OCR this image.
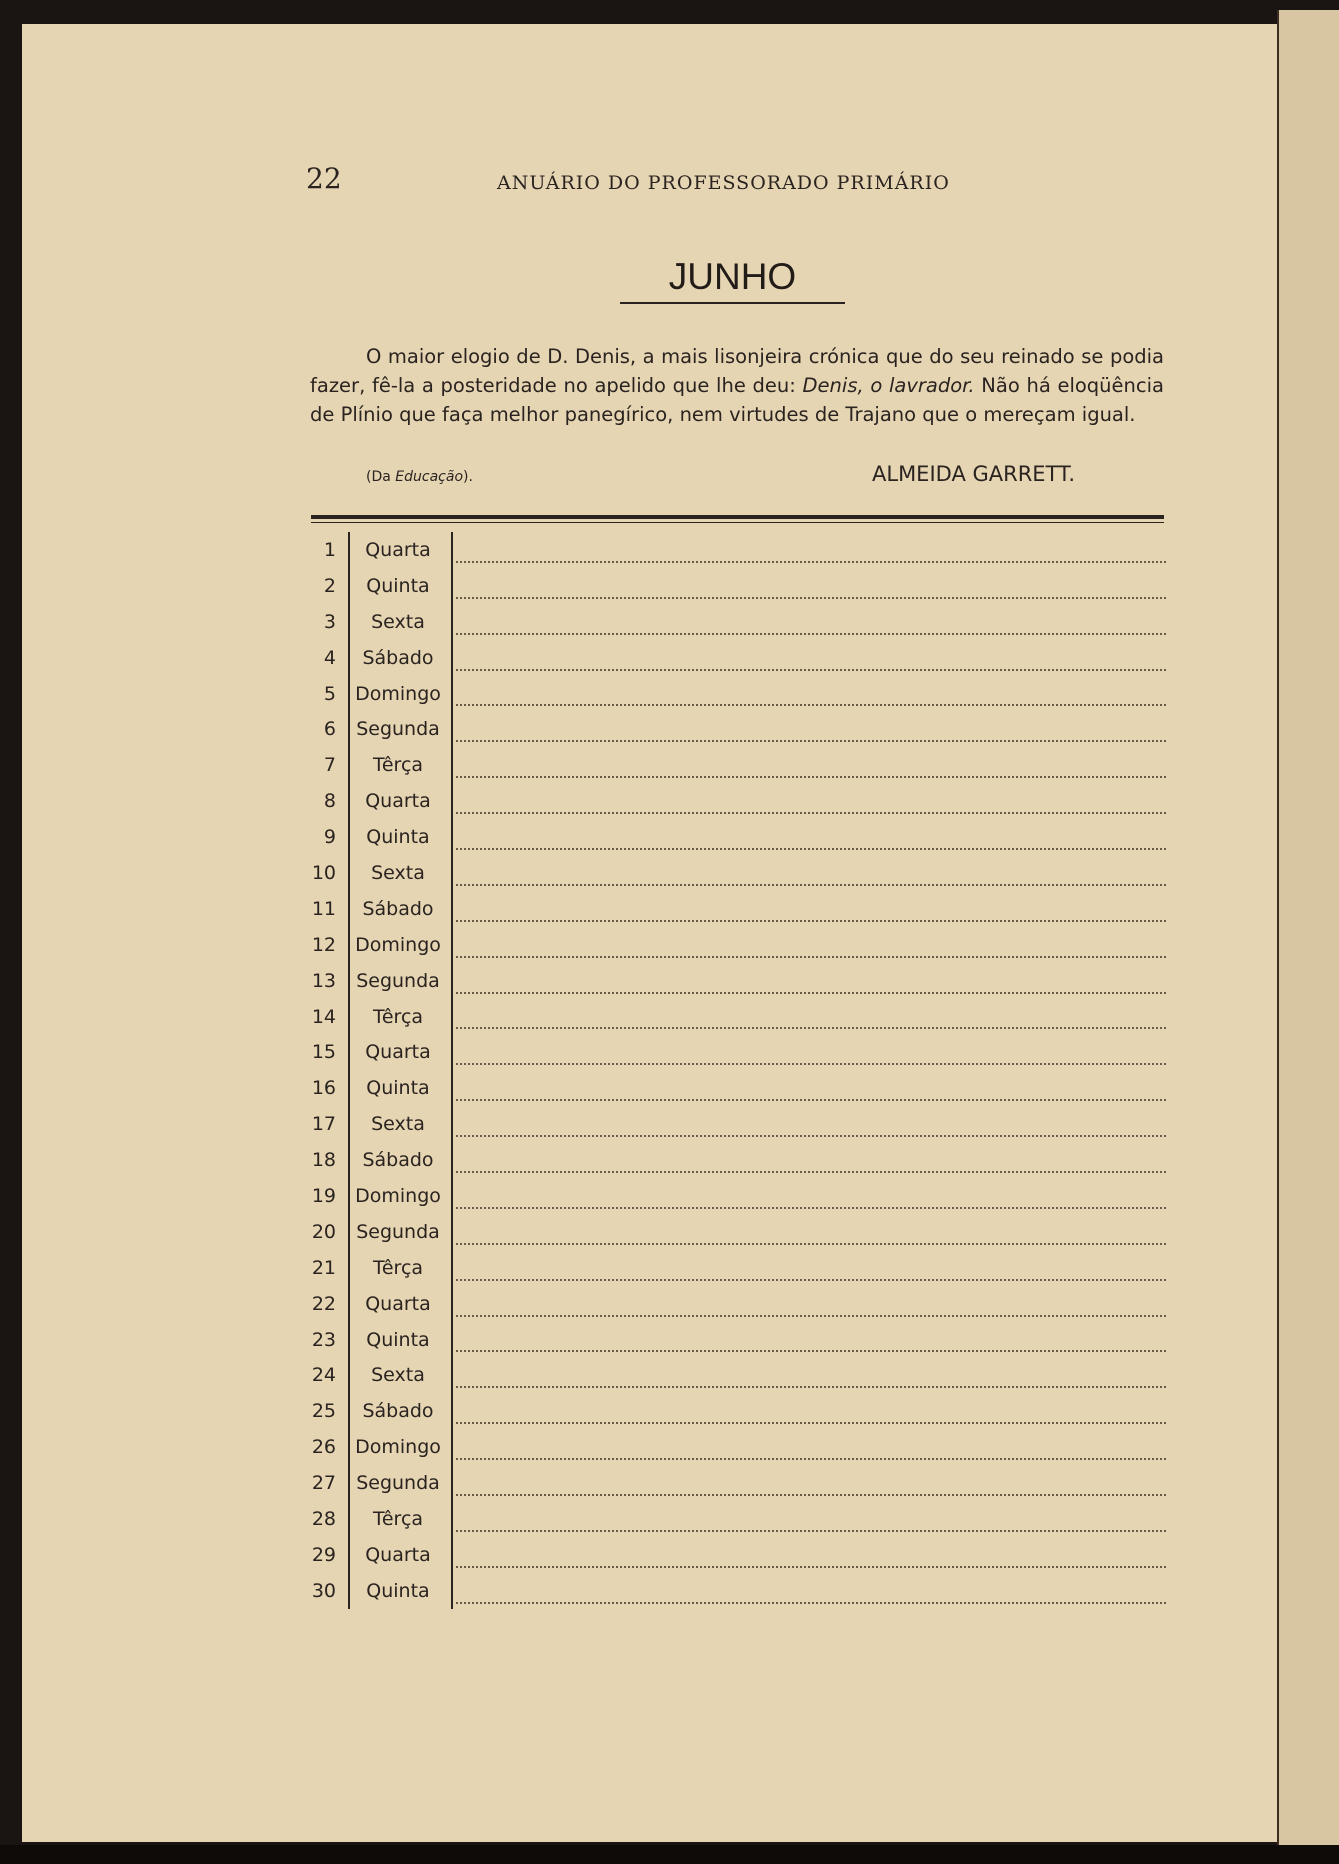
22	ANUÁRIO DO PROFESSORADO PRIMÁRIO
JUNHO

O maior elogio de D. Denis, a mais lisonjeira crónica que do seu reinado se podia fazer, fê-la a posteridade no apelido que lhe deu: Denis, o lavrador. Não há eloqüência de Plínio que faça melhor panegírico, nem virtudes de Trajano que o mereçam igual.

(Da Educação).	ALMEIDA GARRETT.
1	Quarta
2	Quinta
3	Sexta
4	Sábado
5 Domingo
6 Segunda
7	Têrça
8	Quarta
9	Quinta
10	Sexta
11	Sábado
12 Domingo
13 Segunda
14	Têrça
15	Quarta
16	Quinta
17	Sexta
18	Sábado
19 Domingo
20 Segunda
21	Têrça
22	Quarta
23	Quinta
24	Sexta
25	Sábado
26 Domingo
27 Segunda
28	Têrça
29	Quarta
30	Quinta
